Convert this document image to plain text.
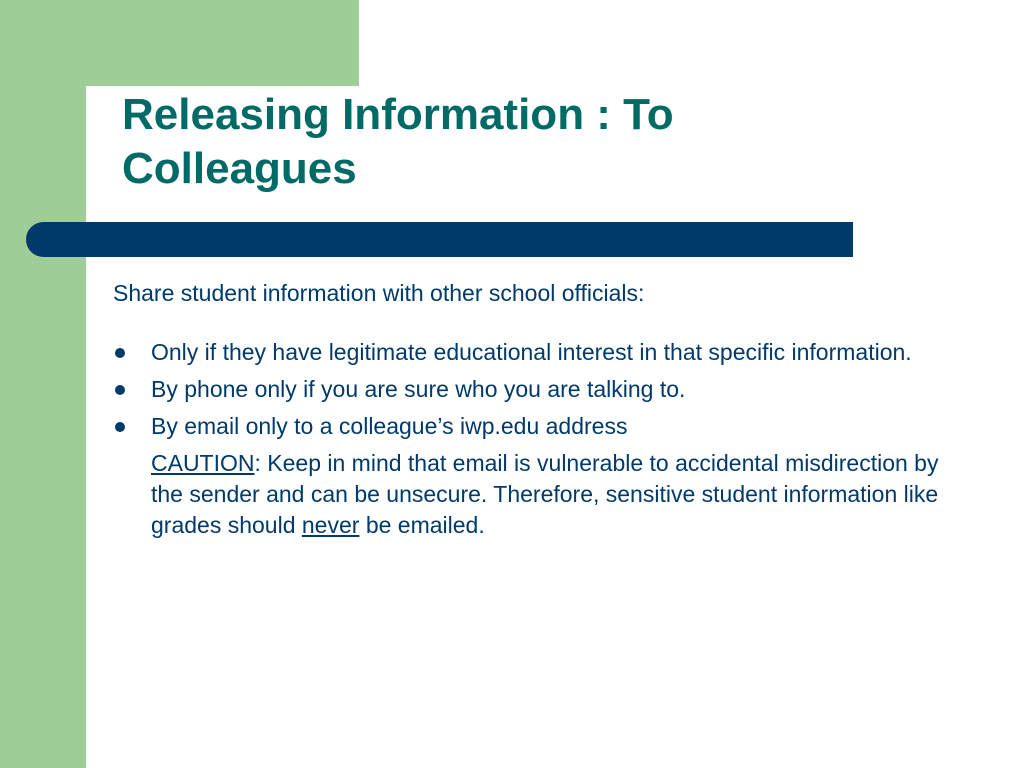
Releasing Information : To
Colleagues

Share student information with other school officials:

Only if they have legitimate educational interest in that specific information.
By phone only if you are sure who you are talking to.
By email only to a colleague’s iwp.edu address

CAUTION: Keep in mind that email is vulnerable to accidental misdirection by the sender and can be unsecure. Therefore, sensitive student information like grades should never be emailed.
